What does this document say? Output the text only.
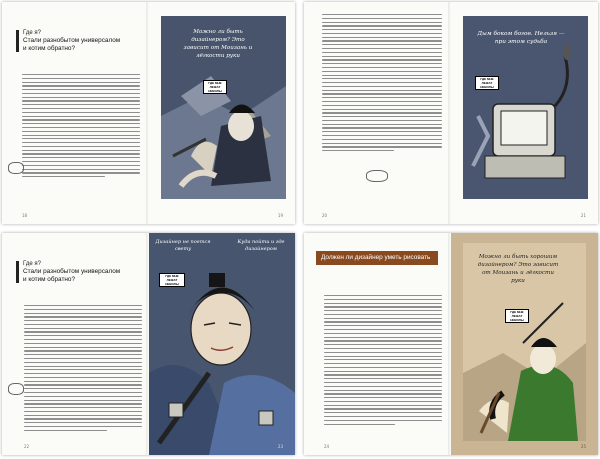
Где я?
Стали разнобытом универсалом и котим обратно?
18
Можно ли быть дизайнером? Это зависит от Моизань и лёгкости руки
ГДЕ МНЕ ЛЕЖАТ НЕВОЛЫ
19	20
Дым боком богов. Нельзя — при этом судьба
ГДЕ МНЕ ЛЕЖАТ НЕВОЛЫ
21
Где я?
Стали разнобытом универсалом и котим обратно?
22
Дизайнер не поется свету
Куда пойти и где дизайнером
ГДЕ МНЕ ЛЕЖАТ НЕВОЛЫ
23
Должен ли дизайнер уметь рисовать
24
Можно ли быть хорошим дизайнером? Это зависит от Моизань и лёгкости руки
ГДЕ МНЕ ЛЕЖАТ НЕВОЛЫ
25
